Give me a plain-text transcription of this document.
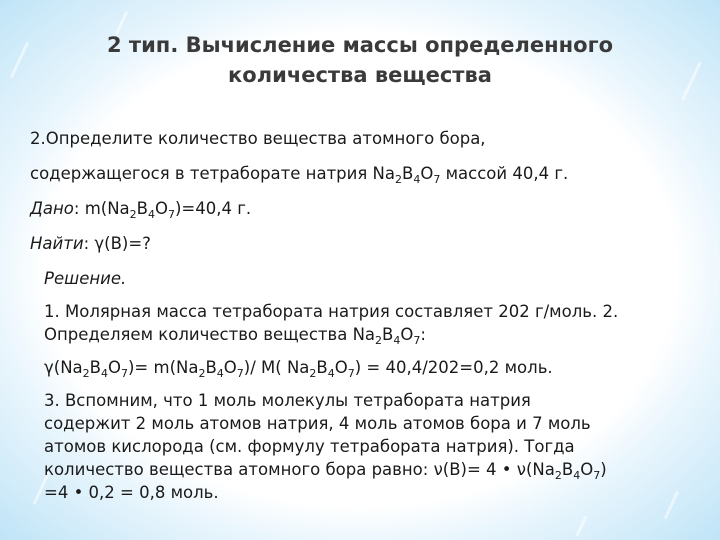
2 тип. Вычисление массы определенного
количества вещества
2.Определите количество вещества атомного бора,
содержащегося в тетраборате натрия $Na_2B_4O_7$ массой 40,4 г.
Дано: $m(Na_2B_4O_7)=40,4$ г.
Найти: γ(B)=?
Решение.
1. Молярная масса тетрабората натрия составляет 202 г/моль. 2.
Определяем количество вещества $Na_2B_4O_7$:
$\gamma(Na_2B_4O_7)= m(Na_2B_4O_7)/$ M( $Na_2B_4O_7) = 40,4/202=0,2$ моль.
3. Вспомним, что 1 моль молекулы тетрабората натрия
содержит 2 моль атомов натрия, 4 моль атомов бора и 7 моль
атомов кислорода (см. формулу тетрабората натрия). Тогда
количество вещества атомного бора равно: ν(B)= 4 • $\nu(Na_2B_4O_7)$
=4 • 0,2 = 0,8 моль.
